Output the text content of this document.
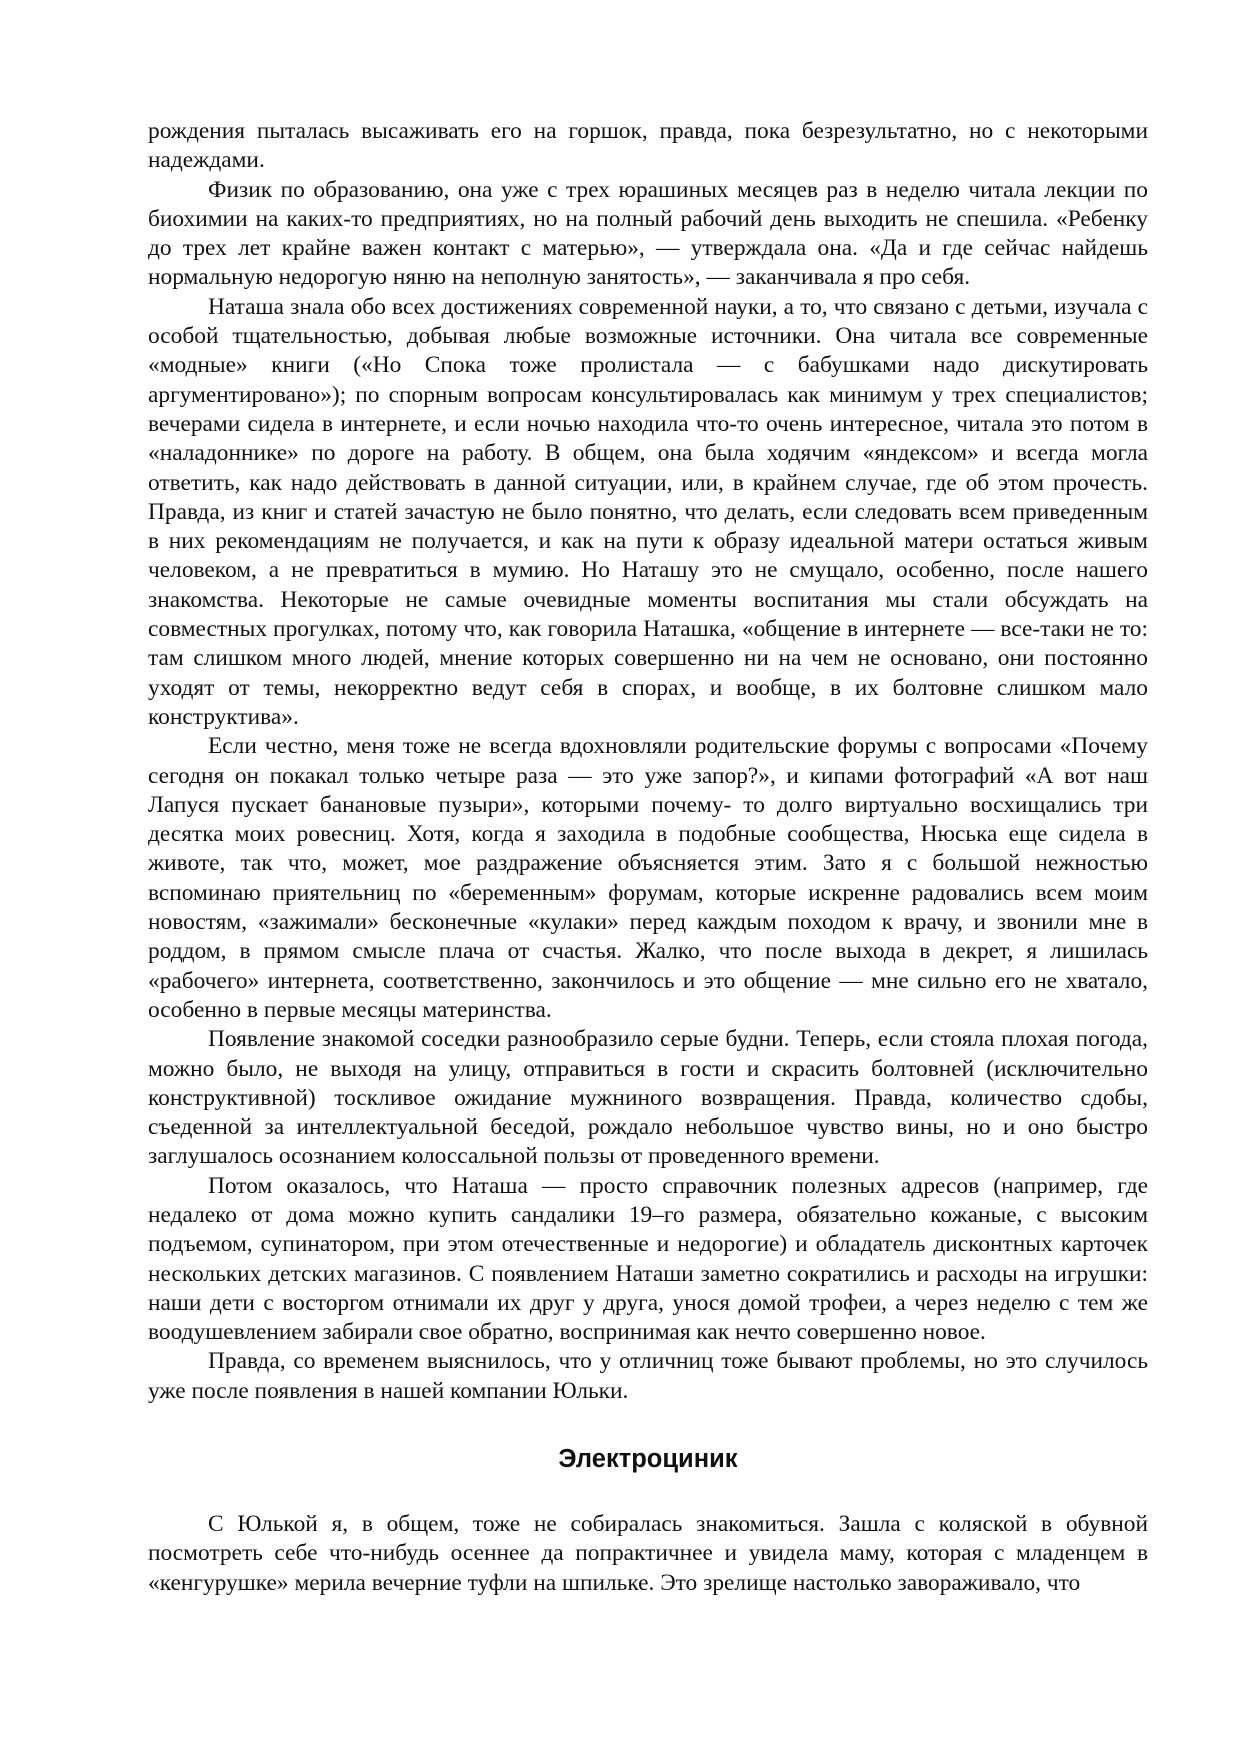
рождения пыталась высаживать его на горшок, правда, пока безрезультатно, но с некоторыми надеждами.

Физик по образованию, она уже с трех юрашиных месяцев раз в неделю читала лекции по биохимии на каких-то предприятиях, но на полный рабочий день выходить не спешила. «Ребенку до трех лет крайне важен контакт с матерью», — утверждала она. «Да и где сейчас найдешь нормальную недорогую няню на неполную занятость», — заканчивала я про себя.

Наташа знала обо всех достижениях современной науки, а то, что связано с детьми, изучала с особой тщательностью, добывая любые возможные источники. Она читала все современные «модные» книги («Но Спока тоже пролистала — с бабушками надо дискутировать аргументировано»); по спорным вопросам консультировалась как минимум у трех специалистов; вечерами сидела в интернете, и если ночью находила что-то очень интересное, читала это потом в «наладоннике» по дороге на работу. В общем, она была ходячим «яндексом» и всегда могла ответить, как надо действовать в данной ситуации, или, в крайнем случае, где об этом прочесть. Правда, из книг и статей зачастую не было понятно, что делать, если следовать всем приведенным в них рекомендациям не получается, и как на пути к образу идеальной матери остаться живым человеком, а не превратиться в мумию. Но Наташу это не смущало, особенно, после нашего знакомства. Некоторые не самые очевидные моменты воспитания мы стали обсуждать на совместных прогулках, потому что, как говорила Наташка, «общение в интернете — все-таки не то: там слишком много людей, мнение которых совершенно ни на чем не основано, они постоянно уходят от темы, некорректно ведут себя в спорах, и вообще, в их болтовне слишком мало конструктива».

Если честно, меня тоже не всегда вдохновляли родительские форумы с вопросами «Почему сегодня он покакал только четыре раза — это уже запор?», и кипами фотографий «А вот наш Лапуся пускает банановые пузыри», которыми почему- то долго виртуально восхищались три десятка моих ровесниц. Хотя, когда я заходила в подобные сообщества, Нюська еще сидела в животе, так что, может, мое раздражение объясняется этим. Зато я с большой нежностью вспоминаю приятельниц по «беременным» форумам, которые искренне радовались всем моим новостям, «зажимали» бесконечные «кулаки» перед каждым походом к врачу, и звонили мне в роддом, в прямом смысле плача от счастья. Жалко, что после выхода в декрет, я лишилась «рабочего» интернета, соответственно, закончилось и это общение — мне сильно его не хватало, особенно в первые месяцы материнства.

Появление знакомой соседки разнообразило серые будни. Теперь, если стояла плохая погода, можно было, не выходя на улицу, отправиться в гости и скрасить болтовней (исключительно конструктивной) тоскливое ожидание мужниного возвращения. Правда, количество сдобы, съеденной за интеллектуальной беседой, рождало небольшое чувство вины, но и оно быстро заглушалось осознанием колоссальной пользы от проведенного времени.

Потом оказалось, что Наташа — просто справочник полезных адресов (например, где недалеко от дома можно купить сандалики 19–го размера, обязательно кожаные, с высоким подъемом, супинатором, при этом отечественные и недорогие) и обладатель дисконтных карточек нескольких детских магазинов. С появлением Наташи заметно сократились и расходы на игрушки: наши дети с восторгом отнимали их друг у друга, унося домой трофеи, а через неделю с тем же воодушевлением забирали свое обратно, воспринимая как нечто совершенно новое.

Правда, со временем выяснилось, что у отличниц тоже бывают проблемы, но это случилось уже после появления в нашей компании Юльки.

Электроциник

С Юлькой я, в общем, тоже не собиралась знакомиться. Зашла с коляской в обувной посмотреть себе что-нибудь осеннее да попрактичнее и увидела маму, которая с младенцем в «кенгурушке» мерила вечерние туфли на шпильке. Это зрелище настолько завораживало, что
